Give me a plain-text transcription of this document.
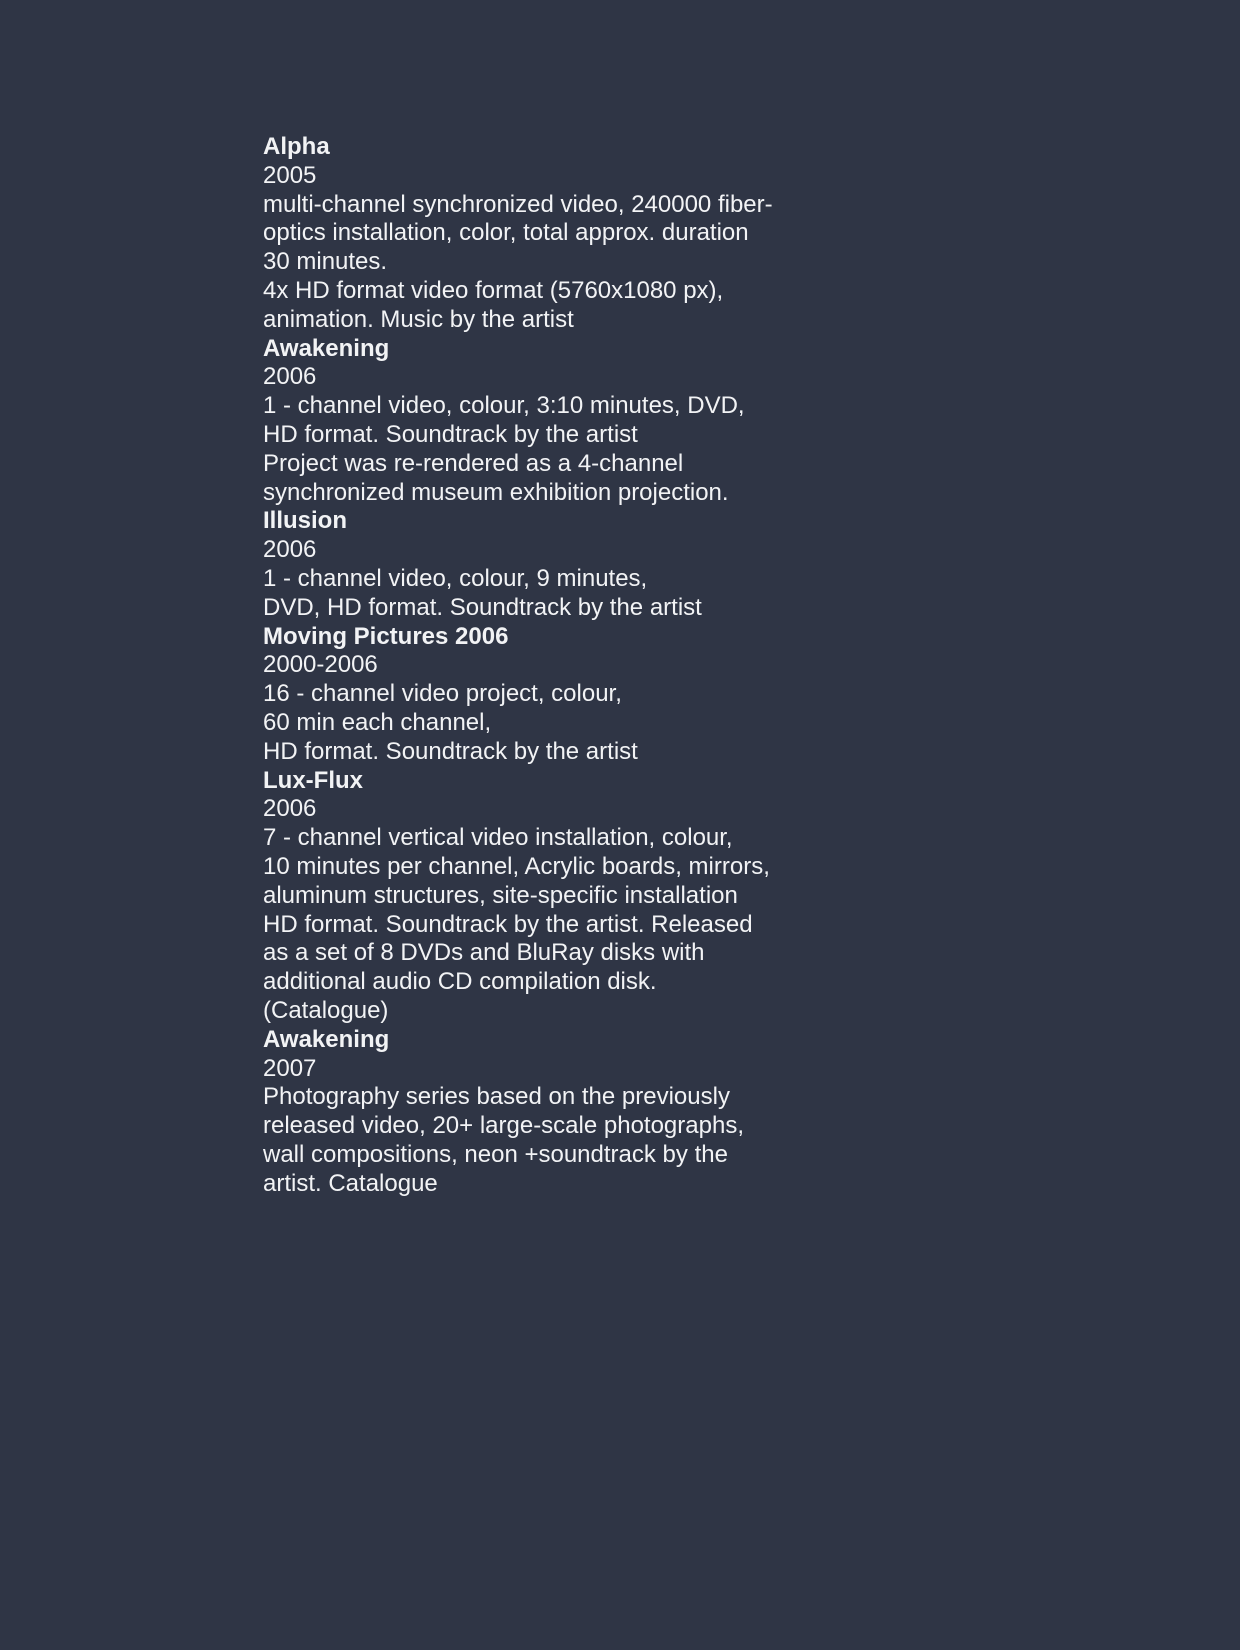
Alpha

2005

multi-channel synchronized video, 240000 fiber-

optics installation, color, total approx. duration

30 minutes.

4x HD format video format (5760x1080 px),

animation. Music by the artist

Awakening

2006

1 - channel video, colour, 3:10 minutes, DVD,

HD format. Soundtrack by the artist

Project was re-rendered as a 4-channel

synchronized museum exhibition projection.

Illusion

2006

1 - channel video, colour, 9 minutes,

DVD, HD format. Soundtrack by the artist

Moving Pictures 2006

2000-2006

16 - channel video project, colour,

60 min each channel,

HD format. Soundtrack by the artist

Lux-Flux

2006

7 - channel vertical video installation, colour,

10 minutes per channel, Acrylic boards, mirrors,

aluminum structures, site-specific installation

HD format. Soundtrack by the artist. Released

as a set of 8 DVDs and BluRay disks with

additional audio CD compilation disk.

(Catalogue)

Awakening

2007

Photography series based on the previously

released video, 20+ large-scale photographs,

wall compositions, neon +soundtrack by the

artist. Catalogue
